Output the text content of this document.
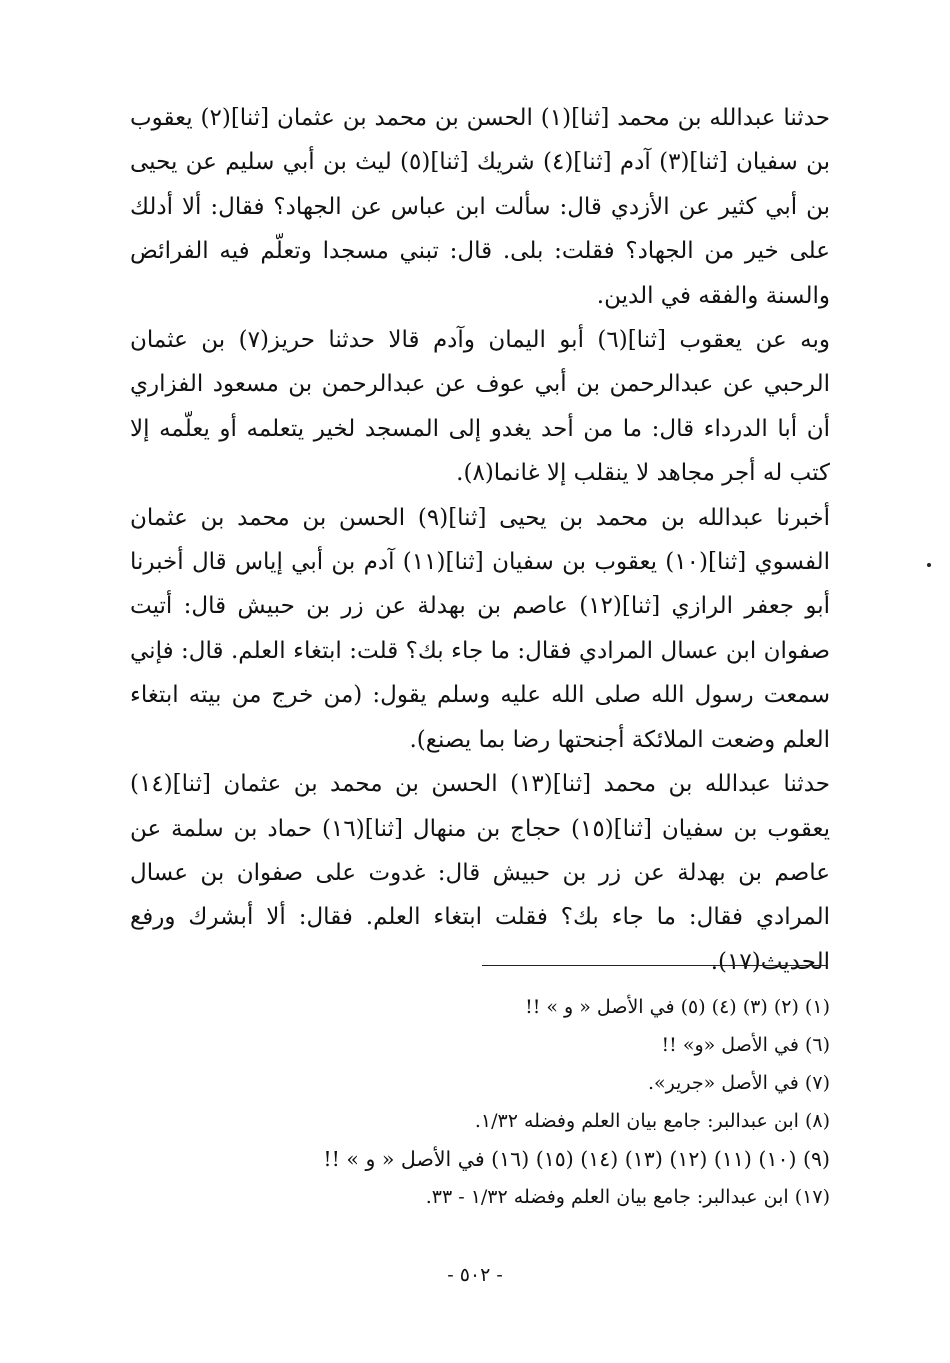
حدثنا عبدالله بن محمد [ثنا](١) الحسن بن محمد بن عثمان [ثنا](٢) يعقوب بن سفيان [ثنا](٣) آدم [ثنا](٤) شريك [ثنا](٥) ليث بن أبي سليم عن يحيى بن أبي كثير عن الأزدي قال: سألت ابن عباس عن الجهاد؟ فقال: ألا أدلك على خير من الجهاد؟ فقلت: بلى. قال: تبني مسجدا وتعلّم فيه الفرائض والسنة والفقه في الدين.

وبه عن يعقوب [ثنا](٦) أبو اليمان وآدم قالا حدثنا حريز(٧) بن عثمان الرحبي عن عبدالرحمن بن أبي عوف عن عبدالرحمن بن مسعود الفزاري أن أبا الدرداء قال: ما من أحد يغدو إلى المسجد لخير يتعلمه أو يعلّمه إلا كتب له أجر مجاهد لا ينقلب إلا غانما(٨).

أخبرنا عبدالله بن محمد بن يحيى [ثنا](٩) الحسن بن محمد بن عثمان الفسوي [ثنا](١٠) يعقوب بن سفيان [ثنا](١١) آدم بن أبي إياس قال أخبرنا أبو جعفر الرازي [ثنا](١٢) عاصم بن بهدلة عن زر بن حبيش قال: أتيت صفوان ابن عسال المرادي فقال: ما جاء بك؟ قلت: ابتغاء العلم. قال: فإني سمعت رسول الله صلى الله عليه وسلم يقول: (من خرج من بيته ابتغاء العلم وضعت الملائكة أجنحتها رضا بما يصنع).

حدثنا عبدالله بن محمد [ثنا](١٣) الحسن بن محمد بن عثمان [ثنا](١٤) يعقوب بن سفيان [ثنا](١٥) حجاج بن منهال [ثنا](١٦) حماد بن سلمة عن عاصم بن بهدلة عن زر بن حبيش قال: غدوت على صفوان بن عسال المرادي فقال: ما جاء بك؟ فقلت ابتغاء العلم. فقال: ألا أبشرك ورفع الحديث(١٧).

(١) (٢) (٣) (٤) (٥) في الأصل « و » !!
(٦) في الأصل «و» !!
(٧) في الأصل «جرير».
(٨) ابن عبدالبر: جامع بيان العلم وفضله ١/٣٢.
(٩) (١٠) (١١) (١٢) (١٣) (١٤) (١٥) (١٦) في الأصل « و » !!
(١٧) ابن عبدالبر: جامع بيان العلم وفضله ١/٣٢ - ٣٣.
- ٥٠٢ -
